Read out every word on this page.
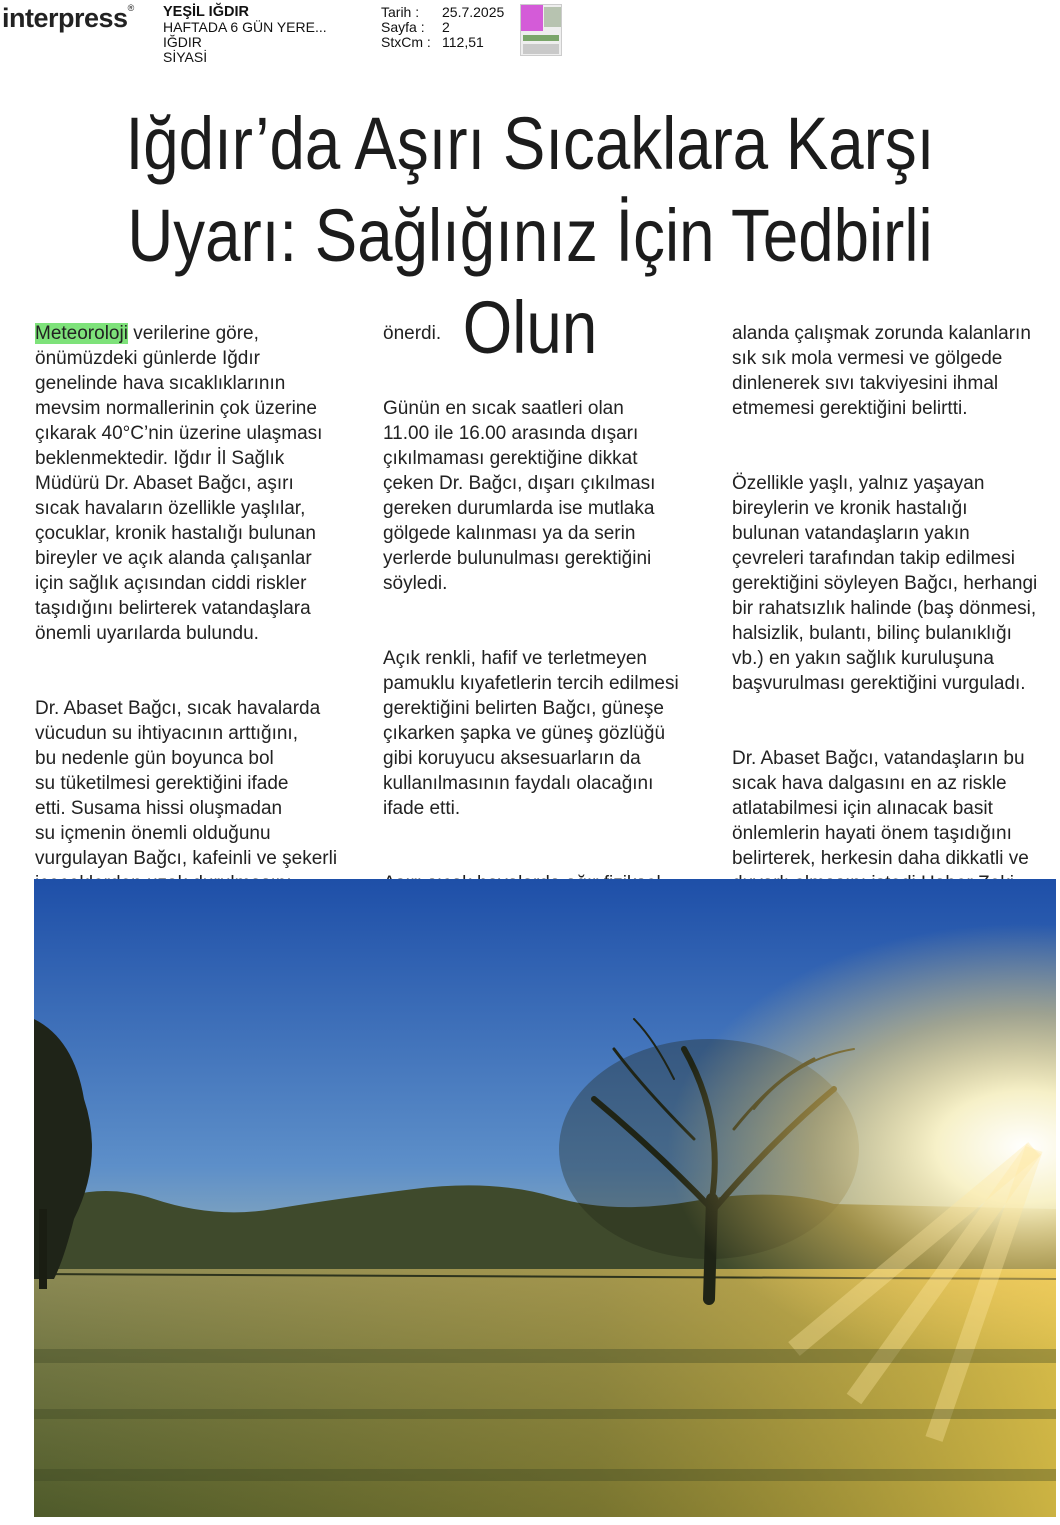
interpress® YEŞİL IĞDIR
HAFTADA 6 GÜN YERE...
IĞDIR
SİYASİ
Tarih :	25.7.2025
Sayfa :	2
StxCm : 112,51
Iğdır’da Aşırı Sıcaklara Karşı
Uyarı: Sağlığınız İçin Tedbirli Olun

Meteoroloji verilerine göre,
önümüzdeki günlerde Iğdır
genelinde hava sıcaklıklarının
mevsim normallerinin çok üzerine
çıkarak 40°C’nin üzerine ulaşması
beklenmektedir. Iğdır İl Sağlık
Müdürü Dr. Abaset Bağcı, aşırı
sıcak havaların özellikle yaşlılar,
çocuklar, kronik hastalığı bulunan
bireyler ve açık alanda çalışanlar
için sağlık açısından ciddi riskler
taşıdığını belirterek vatandaşlara
önemli uyarılarda bulundu.

Dr. Abaset Bağcı, sıcak havalarda
vücudun su ihtiyacının arttığını,
bu nedenle gün boyunca bol
su tüketilmesi gerektiğini ifade
etti. Susama hissi oluşmadan
su içmenin önemli olduğunu
vurgulayan Bağcı, kafeinli ve şekerli

önerdi.

Günün en sıcak saatleri olan
11.00 ile 16.00 arasında dışarı
çıkılmaması gerektiğine dikkat
çeken Dr. Bağcı, dışarı çıkılması
gereken durumlarda ise mutlaka
gölgede kalınması ya da serin
yerlerde bulunulması gerektiğini
söyledi.

Açık renkli, hafif ve terletmeyen
pamuklu kıyafetlerin tercih edilmesi
gerektiğini belirten Bağcı, güneşe
çıkarken şapka ve güneş gözlüğü
gibi koruyucu aksesuarların da
kullanılmasının faydalı olacağını
ifade etti.

alanda çalışmak zorunda kalanların
sık sık mola vermesi ve gölgede
dinlenerek sıvı takviyesini ihmal
etmemesi gerektiğini belirtti.

Özellikle yaşlı, yalnız yaşayan
bireylerin ve kronik hastalığı
bulunan vatandaşların yakın
çevreleri tarafından takip edilmesi
gerektiğini söyleyen Bağcı, herhangi
bir rahatsızlık halinde (baş dönmesi,
halsizlik, bulantı, bilinç bulanıklığı
vb.) en yakın sağlık kuruluşuna
başvurulması gerektiğini vurguladı.

Dr. Abaset Bağcı, vatandaşların bu
sıcak hava dalgasını en az riskle
atlatabilmesi için alınacak basit
önlemlerin hayati önem taşıdığını
belirterek, herkesin daha dikkatli ve
